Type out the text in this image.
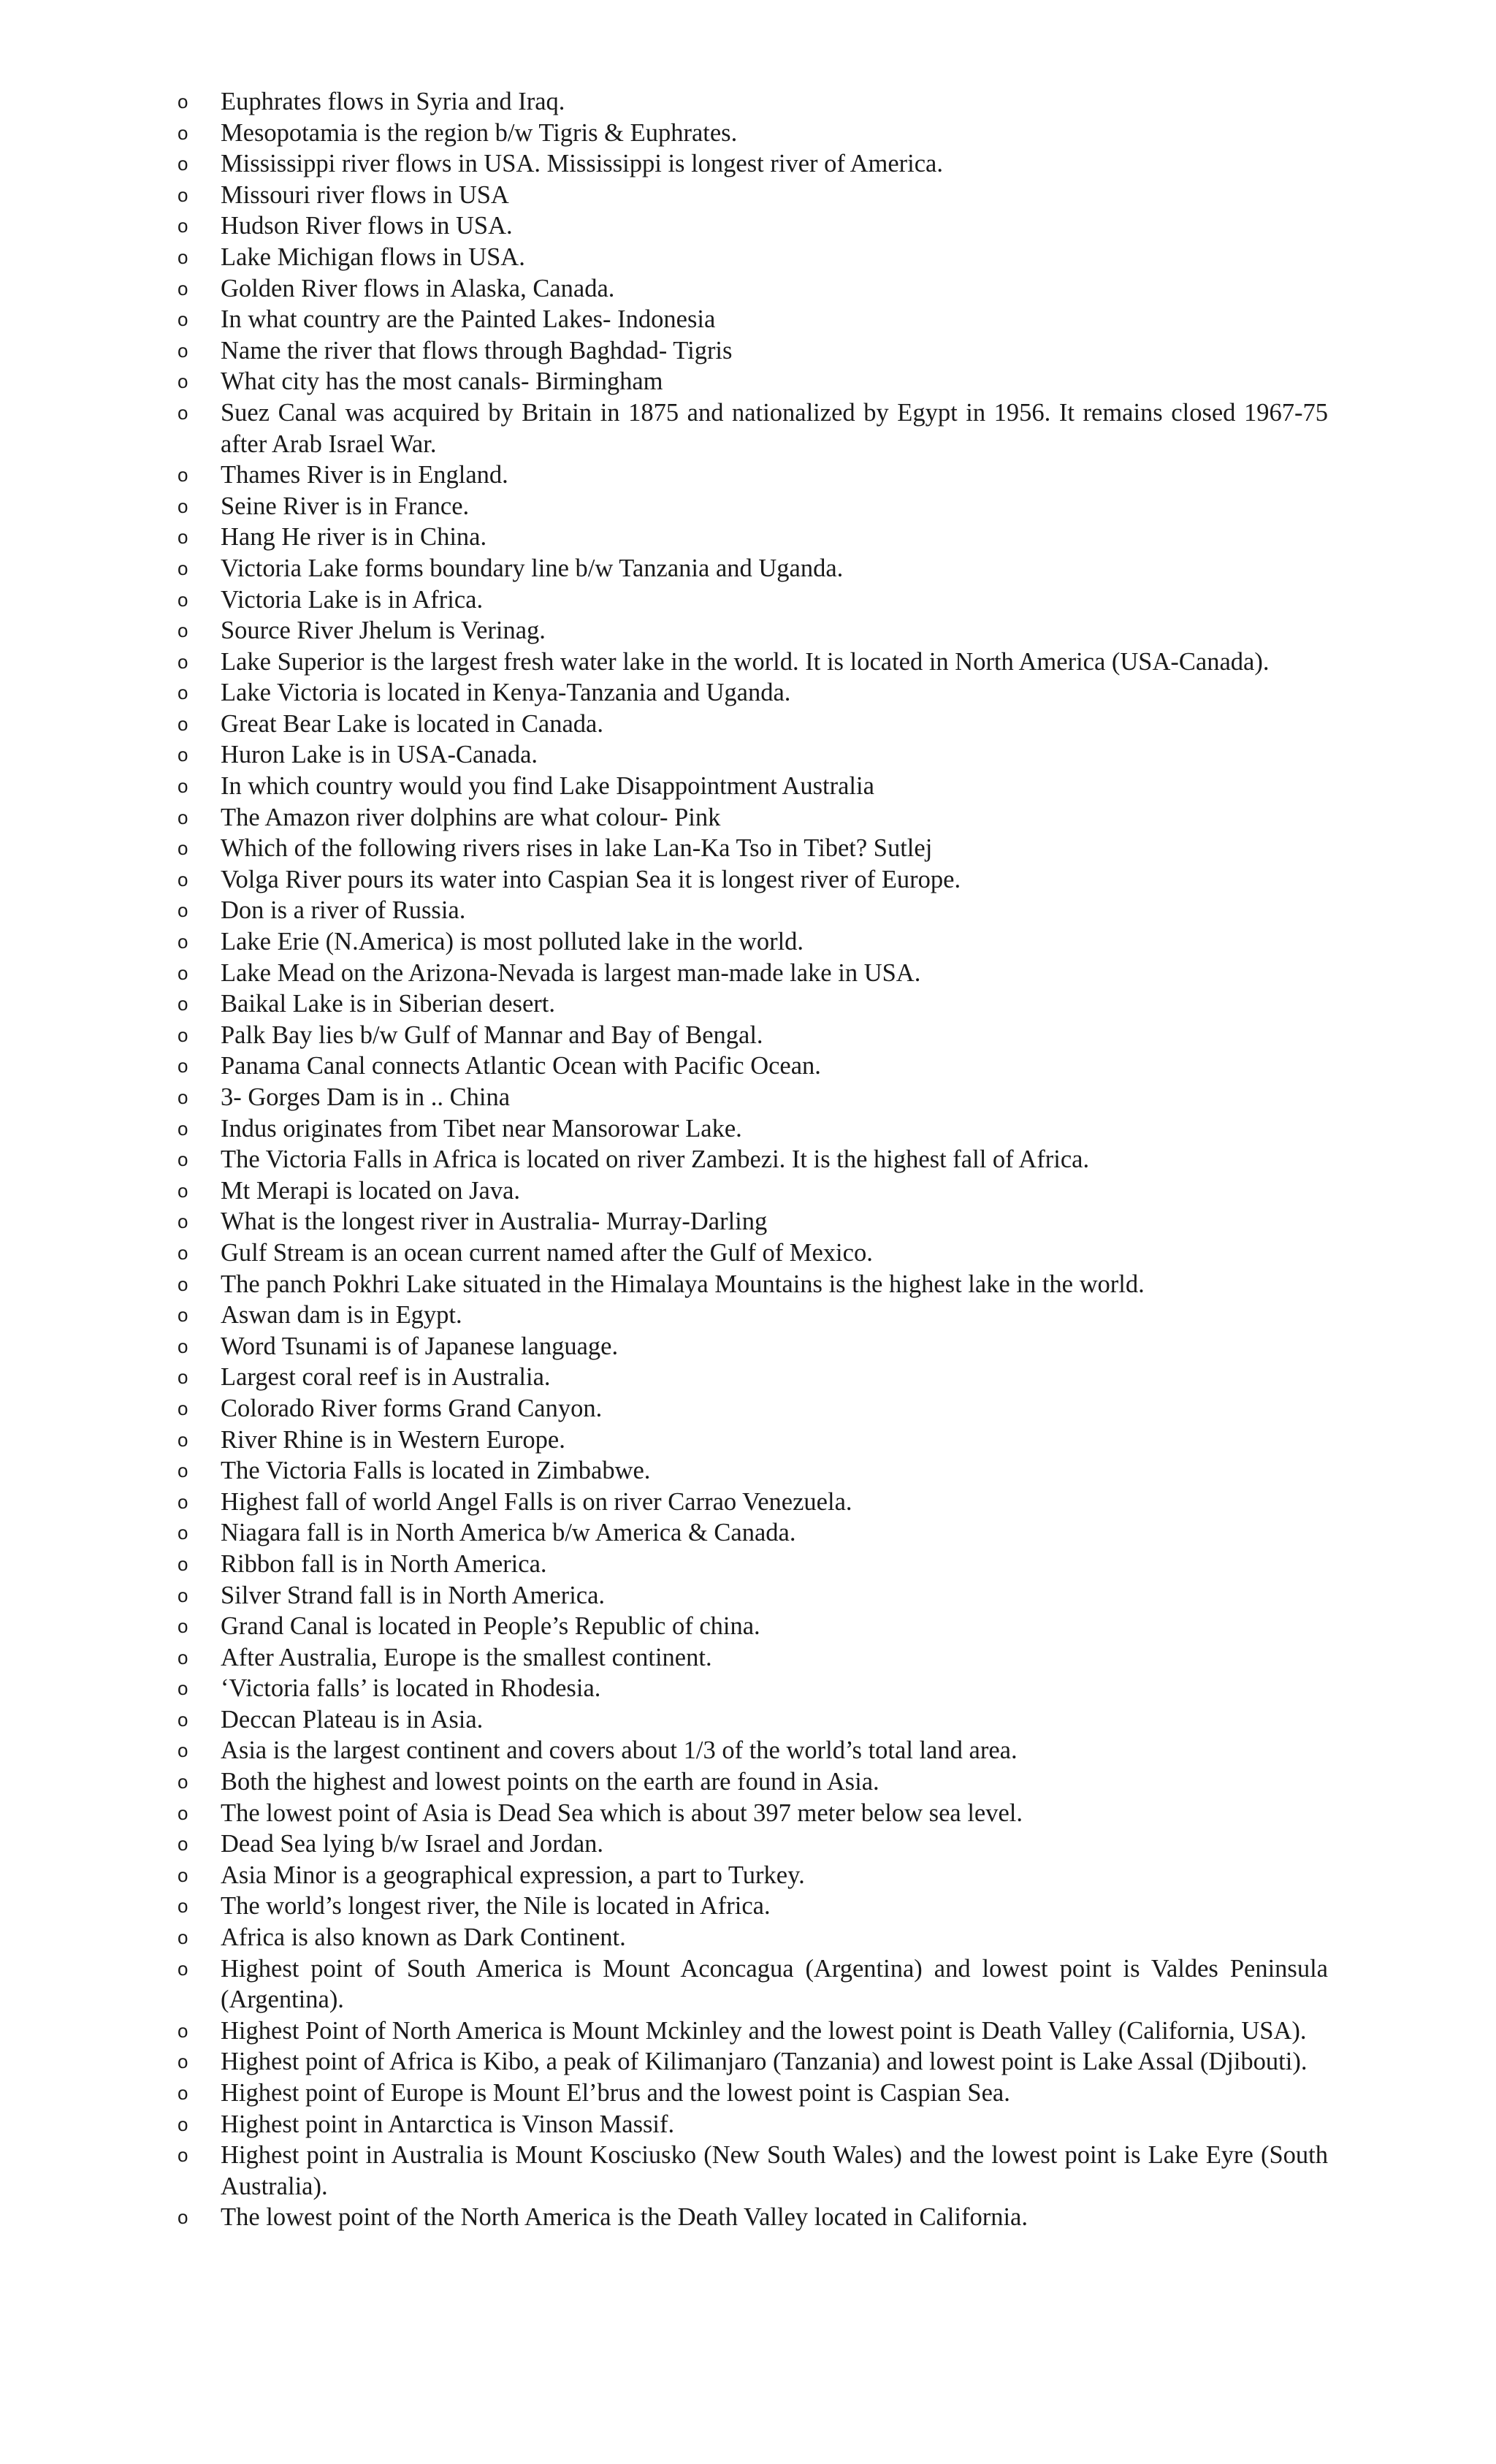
o Euphrates flows in Syria and Iraq.
o Mesopotamia is the region b/w Tigris & Euphrates.
o Mississippi river flows in USA. Mississippi is longest river of America.
o Missouri river flows in USA
o Hudson River flows in USA.
o Lake Michigan flows in USA.
o Golden River flows in Alaska, Canada.
o In what country are the Painted Lakes- Indonesia
o Name the river that flows through Baghdad- Tigris
o What city has the most canals- Birmingham
o Suez Canal was acquired by Britain in 1875 and nationalized by Egypt in 1956. It remains closed 1967-75 after Arab Israel War.
o Thames River is in England.
o Seine River is in France.
o Hang He river is in China.
o Victoria Lake forms boundary line b/w Tanzania and Uganda.
o Victoria Lake is in Africa.
o Source River Jhelum is Verinag.
o Lake Superior is the largest fresh water lake in the world. It is located in North America (USA-Canada).
o Lake Victoria is located in Kenya-Tanzania and Uganda.
o Great Bear Lake is located in Canada.
o Huron Lake is in USA-Canada.
o In which country would you find Lake Disappointment Australia
o The Amazon river dolphins are what colour- Pink
o Which of the following rivers rises in lake Lan-Ka Tso in Tibet? Sutlej
o Volga River pours its water into Caspian Sea it is longest river of Europe.
o Don is a river of Russia.
o Lake Erie (N.America) is most polluted lake in the world.
o Lake Mead on the Arizona-Nevada is largest man-made lake in USA.
o Baikal Lake is in Siberian desert.
o Palk Bay lies b/w Gulf of Mannar and Bay of Bengal.
o Panama Canal connects Atlantic Ocean with Pacific Ocean.
o 3- Gorges Dam is in .. China
o Indus originates from Tibet near Mansorowar Lake.
o The Victoria Falls in Africa is located on river Zambezi. It is the highest fall of Africa.
o Mt Merapi is located on Java.
o What is the longest river in Australia- Murray-Darling
o Gulf Stream is an ocean current named after the Gulf of Mexico.
o The panch Pokhri Lake situated in the Himalaya Mountains is the highest lake in the world.
o Aswan dam is in Egypt.
o Word Tsunami is of Japanese language.
o Largest coral reef is in Australia.
o Colorado River forms Grand Canyon.
o River Rhine is in Western Europe.
o The Victoria Falls is located in Zimbabwe.
o Highest fall of world Angel Falls is on river Carrao Venezuela.
o Niagara fall is in North America b/w America & Canada.
o Ribbon fall is in North America.
o Silver Strand fall is in North America.
o Grand Canal is located in People’s Republic of china.
o After Australia, Europe is the smallest continent.
o ‘Victoria falls’ is located in Rhodesia.
o Deccan Plateau is in Asia.
o Asia is the largest continent and covers about 1/3 of the world’s total land area.
o Both the highest and lowest points on the earth are found in Asia.
o The lowest point of Asia is Dead Sea which is about 397 meter below sea level.
o Dead Sea lying b/w Israel and Jordan.
o Asia Minor is a geographical expression, a part to Turkey.
o The world’s longest river, the Nile is located in Africa.
o Africa is also known as Dark Continent.
o Highest point of South America is Mount Aconcagua (Argentina) and lowest point is Valdes Peninsula (Argentina).
o Highest Point of North America is Mount Mckinley and the lowest point is Death Valley (California, USA).
o Highest point of Africa is Kibo, a peak of Kilimanjaro (Tanzania) and lowest point is Lake Assal (Djibouti).
o Highest point of Europe is Mount El’brus and the lowest point is Caspian Sea.
o Highest point in Antarctica is Vinson Massif.
o Highest point in Australia is Mount Kosciusko (New South Wales) and the lowest point is Lake Eyre (South Australia).
o The lowest point of the North America is the Death Valley located in California.
